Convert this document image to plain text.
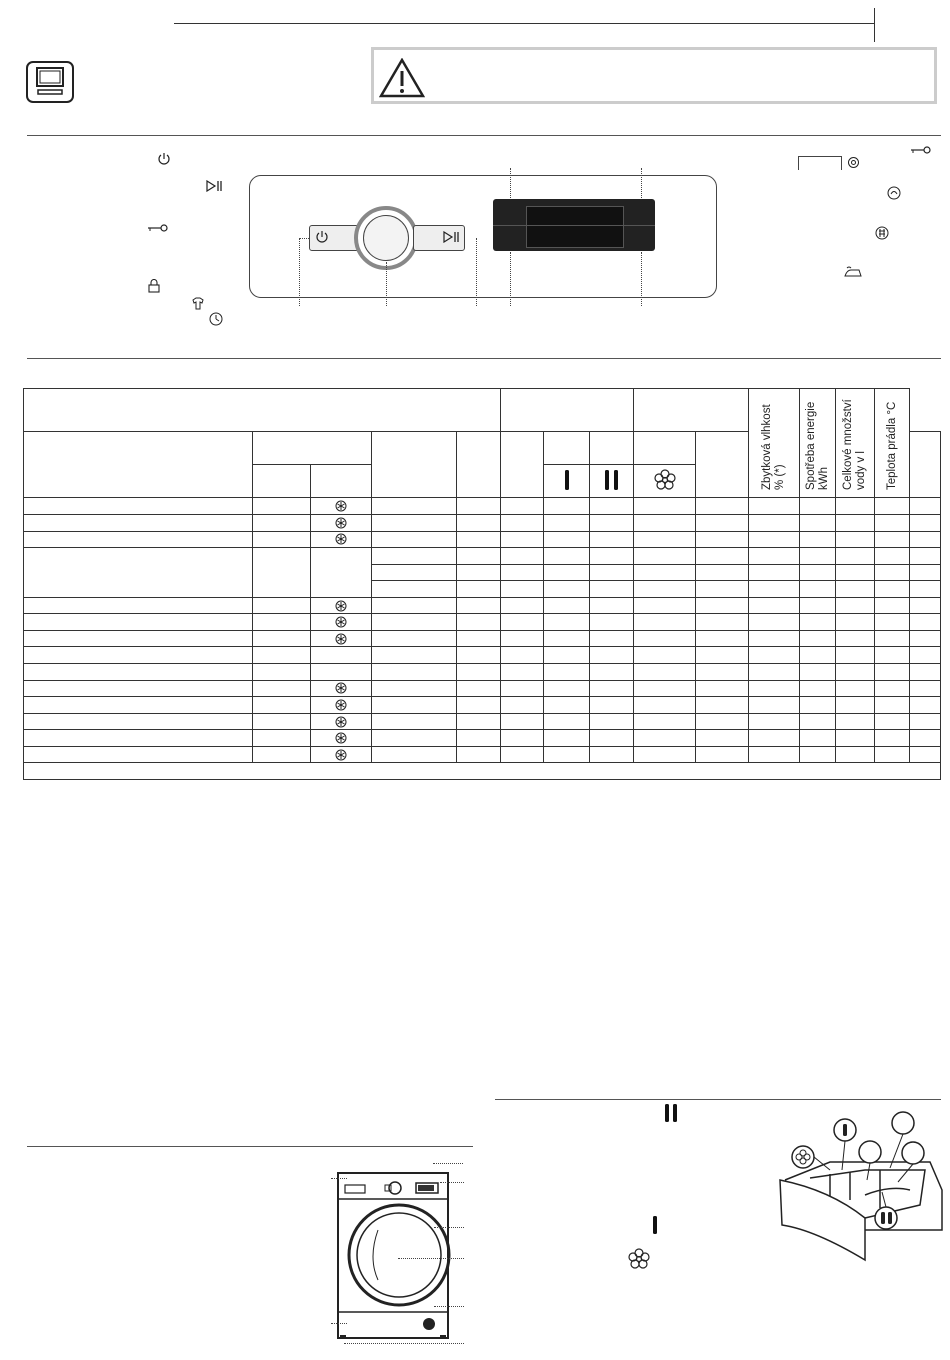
										Zbytková vlhkost % (*)	Spotřeba energie kWh	Celkové množství vody v l	Teplota prádla °C	
